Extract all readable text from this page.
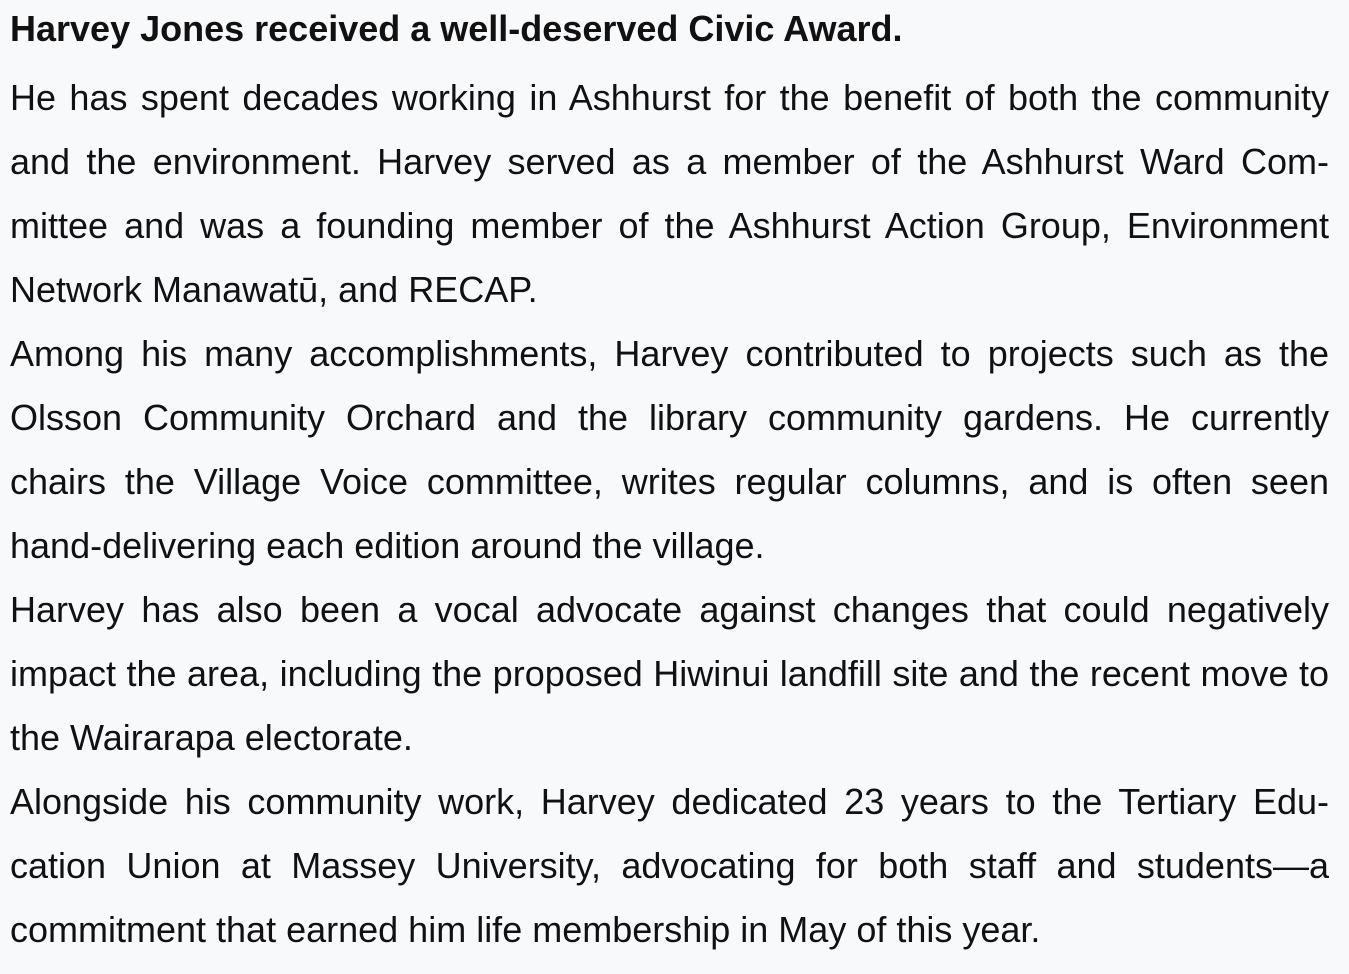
Harvey Jones received a well-deserved Civic Award.

He has spent decades working in Ashhurst for the benefit of both the community and the environment. Harvey served as a member of the Ashhurst Ward Committee and was a founding member of the Ashhurst Action Group, Environment Network Manawatū, and RECAP.

Among his many accomplishments, Harvey contributed to projects such as the Olsson Community Orchard and the library community gardens. He currently chairs the Village Voice committee, writes regular columns, and is often seen hand-delivering each edition around the village.

Harvey has also been a vocal advocate against changes that could negatively impact the area, including the proposed Hiwinui landfill site and the recent move to the Wairarapa electorate.

Alongside his community work, Harvey dedicated 23 years to the Tertiary Education Union at Massey University, advocating for both staff and students—a commitment that earned him life membership in May of this year.
